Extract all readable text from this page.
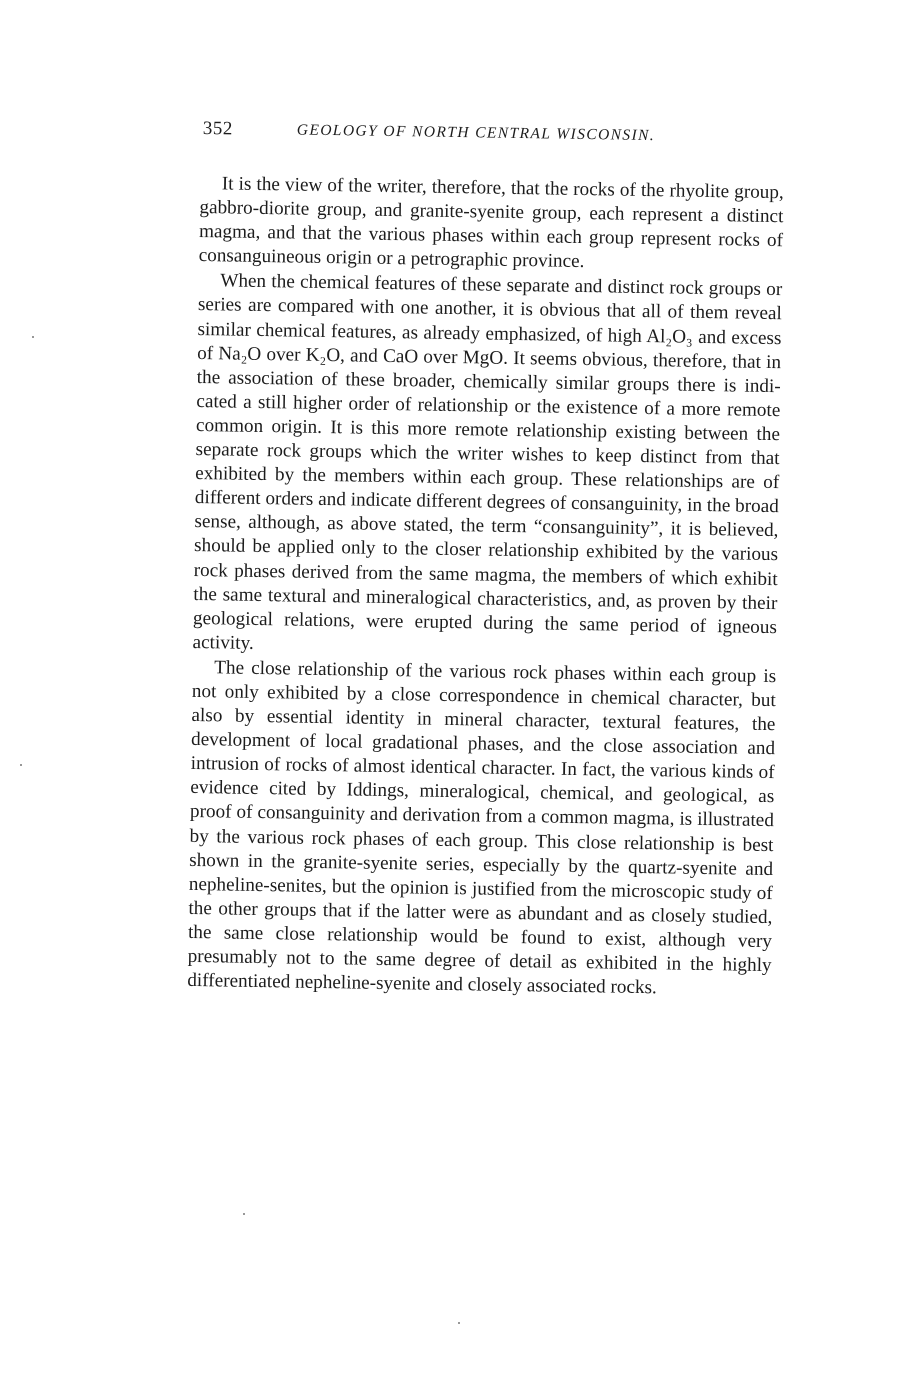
352	GEOLOGY OF NORTH CENTRAL WISCONSIN.

It is the view of the writer, therefore, that the rocks of the rhyolite group, gabbro-diorite group, and granite-syenite group, each represent a distinct magma, and that the various phases within each group represent rocks of consanguineous origin or a petrographic province.

When the chemical features of these separate and distinct rock groups or series are compared with one another, it is obvious that all of them reveal similar chemical features, as already emphasized, of high Al₂O₃ and excess of Na₂O over K₂O, and CaO over MgO. It seems obvious, therefore, that in the association of these broader, chemically similar groups there is indicated a still higher order of relationship or the existence of a more remote common origin. It is this more remote relationship existing between the separate rock groups which the writer wishes to keep distinct from that exhibited by the members within each group. These relationships are of different orders and indicate different degrees of consanguinity, in the broad sense, although, as above stated, the term “consanguinity”, it is believed, should be applied only to the closer relationship exhibited by the various rock phases derived from the same magma, the members of which exhibit the same textural and mineralogical characteristics, and, as proven by their geological relations, were erupted during the same period of igneous activity.

The close relationship of the various rock phases within each group is not only exhibited by a close correspondence in chemical character, but also by essential identity in mineral character, textural features, the development of local gradational phases, and the close association and intrusion of rocks of almost identical character. In fact, the various kinds of evidence cited by Iddings, mineralogical, chemical, and geological, as proof of consanguinity and derivation from a common magma, is illustrated by the various rock phases of each group. This close relationship is best shown in the granite-syenite series, especially by the quartz-syenite and nepheline-senites, but the opinion is justified from the microscopic study of the other groups that if the latter were as abundant and as closely studied, the same close relationship would be found to exist, although very presumably not to the same degree of detail as exhibited in the highly differentiated nepheline-syenite and closely associated rocks.
